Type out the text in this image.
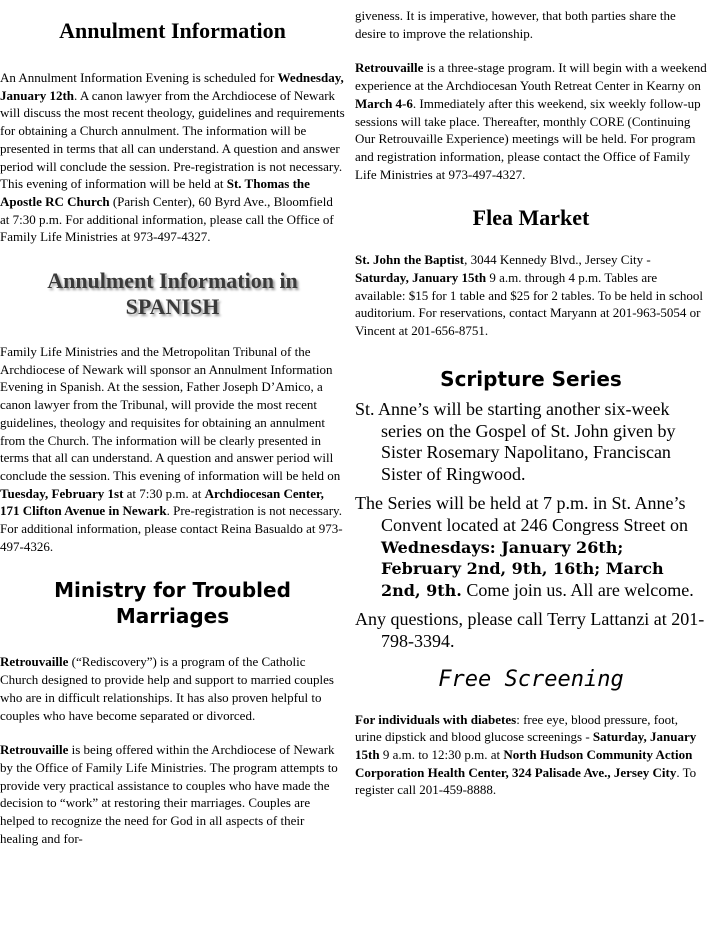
Annulment Information

An Annulment Information Evening is scheduled for Wednesday, January 12th. A canon lawyer from the Archdiocese of Newark will discuss the most recent theology, guidelines and requirements for obtaining a Church annulment. The information will be presented in terms that all can understand. A question and answer period will conclude the session. Pre-registration is not necessary. This evening of information will be held at St. Thomas the Apostle RC Church (Parish Center), 60 Byrd Ave., Bloomfield at 7:30 p.m. For additional information, please call the Office of Family Life Ministries at 973-497-4327.

Annulment Information in
SPANISH

Family Life Ministries and the Metropolitan Tribunal of the Archdiocese of Newark will sponsor an Annulment Information Evening in Spanish. At the session, Father Joseph D’Amico, a canon lawyer from the Tribunal, will provide the most recent guidelines, theology and requisites for obtaining an annulment from the Church. The information will be clearly presented in terms that all can understand. A question and answer period will conclude the session. This evening of information will be held on Tuesday, February 1st at 7:30 p.m. at Archdiocesan Center, 171 Clifton Avenue in Newark. Pre-registration is not necessary. For additional information, please contact Reina Basualdo at 973-497-4326.

Ministry for Troubled Marriages

Retrouvaille (“Rediscovery”) is a program of the Catholic Church designed to provide help and support to married couples who are in difficult relationships. It has also proven helpful to couples who have become separated or divorced.

Retrouvaille is being offered within the Archdiocese of Newark by the Office of Family Life Ministries. The program attempts to provide very practical assistance to couples who have made the decision to “work” at restoring their marriages. Couples are helped to recognize the need for God in all aspects of their healing and for-

giveness. It is imperative, however, that both parties share the desire to improve the relationship.

Retrouvaille is a three-stage program. It will begin with a weekend experience at the Archdiocesan Youth Retreat Center in Kearny on March 4-6. Immediately after this weekend, six weekly follow-up sessions will take place. Thereafter, monthly CORE (Continuing Our Retrouvaille Experience) meetings will be held. For program and registration information, please contact the Office of Family Life Ministries at 973-497-4327.

Flea Market

St. John the Baptist, 3044 Kennedy Blvd., Jersey City - Saturday, January 15th 9 a.m. through 4 p.m. Tables are available: $15 for 1 table and $25 for 2 tables. To be held in school auditorium. For reservations, contact Maryann at 201-963-5054 or Vincent at 201-656-8751.

Scripture Series

St. Anne’s will be starting another six-week series on the Gospel of St. John given by Sister Rosemary Napolitano, Franciscan Sister of Ringwood.

The Series will be held at 7 p.m. in St. Anne’s Convent located at 246 Congress Street on Wednesdays: January 26th; February 2nd, 9th, 16th; March 2nd, 9th. Come join us. All are welcome.

Any questions, please call Terry Lattanzi at 201-798-3394.

Free Screening

For individuals with diabetes: free eye, blood pressure, foot, urine dipstick and blood glucose screenings - Saturday, January 15th 9 a.m. to 12:30 p.m. at North Hudson Community Action Corporation Health Center, 324 Palisade Ave., Jersey City. To register call 201-459-8888.
